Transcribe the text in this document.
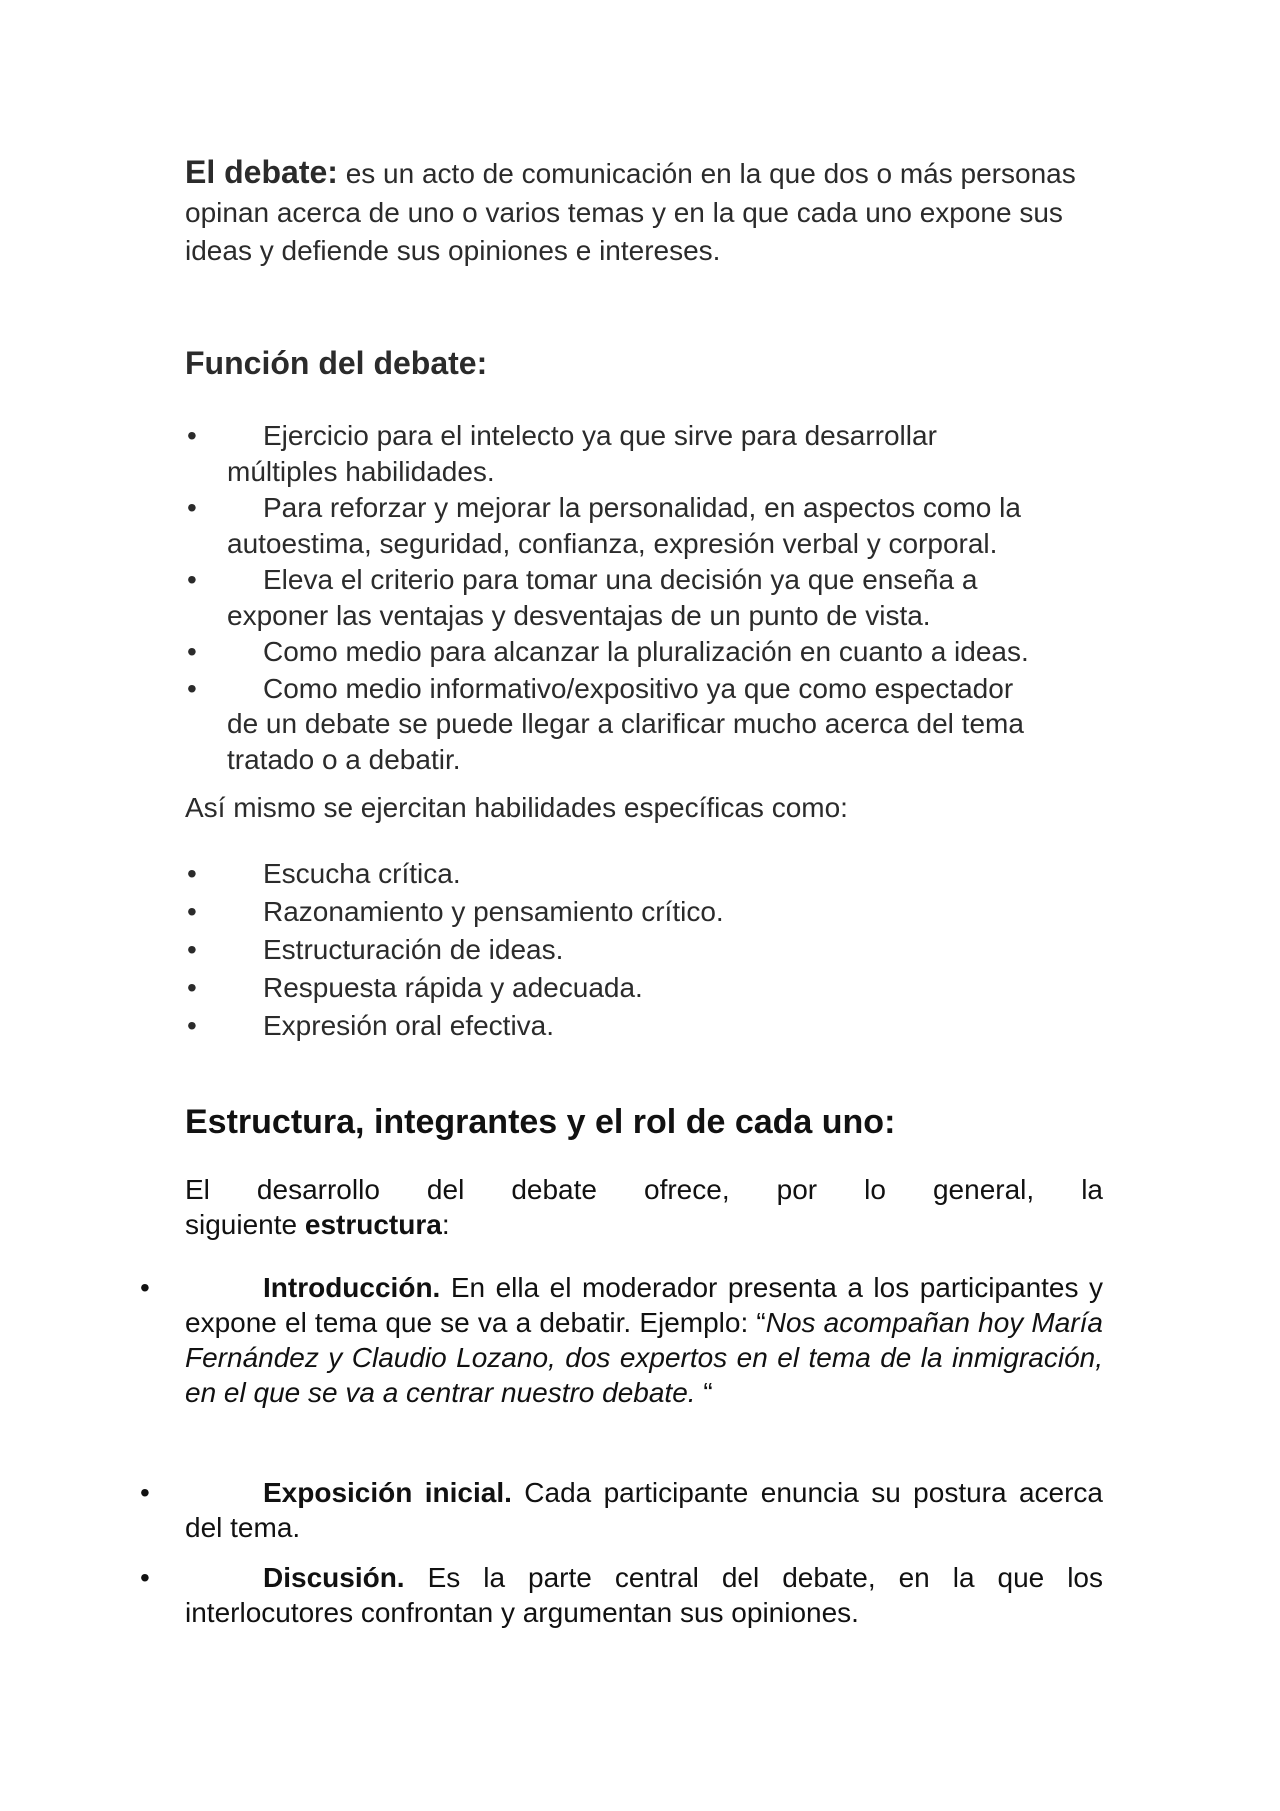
El debate: es un acto de comunicación en la que dos o más personas opinan acerca de uno o varios temas y en la que cada uno expone sus ideas y defiende sus opiniones e intereses.
Función del debate:
• Ejercicio para el intelecto ya que sirve para desarrollar
múltiples habilidades.
• Para reforzar y mejorar la personalidad, en aspectos como la
autoestima, seguridad, confianza, expresión verbal y corporal.
• Eleva el criterio para tomar una decisión ya que enseña a
exponer las ventajas y desventajas de un punto de vista.
• Como medio para alcanzar la pluralización en cuanto a ideas.
• Como medio informativo/expositivo ya que como espectador
de un debate se puede llegar a clarificar mucho acerca del tema tratado o a debatir.
Así mismo se ejercitan habilidades específicas como:
• Escucha crítica.
• Razonamiento y pensamiento crítico.
• Estructuración de ideas.
• Respuesta rápida y adecuada.
• Expresión oral efectiva.
Estructura, integrantes y el rol de cada uno:
El desarrollo del debate ofrece, por lo general, la
siguiente estructura:
•	Introducción. En ella el moderador presenta a los participantes y expone el tema que se va a debatir. Ejemplo: “Nos acompañan hoy María Fernández y Claudio Lozano, dos expertos en el tema de la inmigración, en el que se va a centrar nuestro debate. “
•	Exposición inicial. Cada participante enuncia su postura acerca del tema.
•	Discusión. Es la parte central del debate, en la que los interlocutores confrontan y argumentan sus opiniones.
